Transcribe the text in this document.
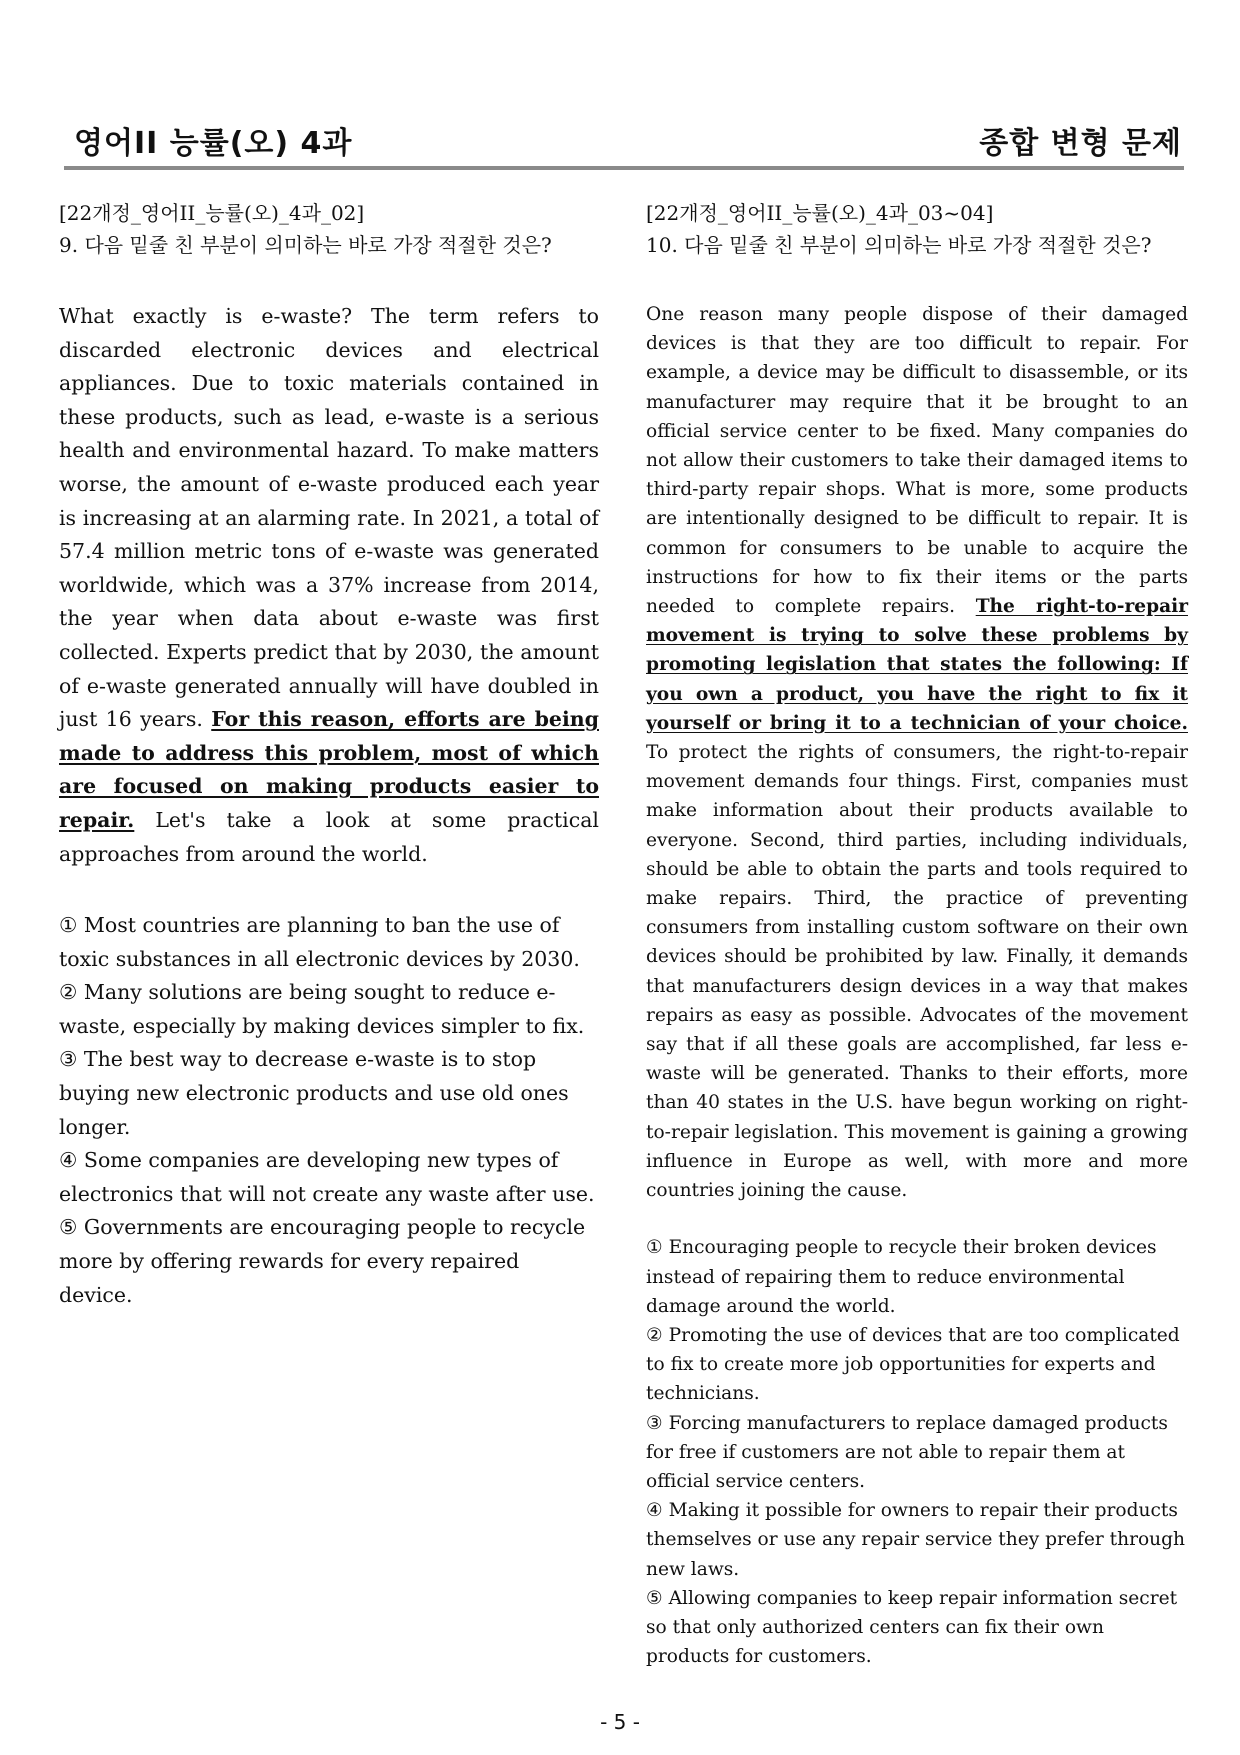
영어II 능률(오) 4과	종합 변형 문제
[22개정_영어II_능률(오)_4과_02]
9. 다음 밑줄 친 부분이 의미하는 바로 가장 적절한 것은?
What exactly is e-waste? The term refers to discarded electronic devices and electrical appliances. Due to toxic materials contained in these products, such as lead, e-waste is a serious health and environmental hazard. To make matters worse, the amount of e-waste produced each year is increasing at an alarming rate. In 2021, a total of 57.4 million metric tons of e-waste was generated worldwide, which was a 37% increase from 2014, the year when data about e-waste was first collected. Experts predict that by 2030, the amount of e-waste generated annually will have doubled in just 16 years. For this reason, efforts are being made to address this problem, most of which are focused on making products easier to repair. Let's take a look at some practical approaches from around the world.

① Most countries are planning to ban the use of toxic substances in all electronic devices by 2030.

② Many solutions are being sought to reduce e-waste, especially by making devices simpler to fix.

③ The best way to decrease e-waste is to stop buying new electronic products and use old ones longer.

④ Some companies are developing new types of electronics that will not create any waste after use.

⑤ Governments are encouraging people to recycle more by offering rewards for every repaired device.

[22개정_영어II_능률(오)_4과_03~04]
10. 다음 밑줄 친 부분이 의미하는 바로 가장 적절한 것은?
One reason many people dispose of their damaged devices is that they are too difficult to repair. For example, a device may be difficult to disassemble, or its manufacturer may require that it be brought to an official service center to be fixed. Many companies do not allow their customers to take their damaged items to third-party repair shops. What is more, some products are intentionally designed to be difficult to repair. It is common for consumers to be unable to acquire the instructions for how to fix their items or the parts needed to complete repairs. The right-to-repair movement is trying to solve these problems by promoting legislation that states the following: If you own a product, you have the right to fix it yourself or bring it to a technician of your choice. To protect the rights of consumers, the right-to-repair movement demands four things. First, companies must make information about their products available to everyone. Second, third parties, including individuals, should be able to obtain the parts and tools required to make repairs. Third, the practice of preventing consumers from installing custom software on their own devices should be prohibited by law. Finally, it demands that manufacturers design devices in a way that makes repairs as easy as possible. Advocates of the movement say that if all these goals are accomplished, far less e-waste will be generated. Thanks to their efforts, more than 40 states in the U.S. have begun working on right-to-repair legislation. This movement is gaining a growing influence in Europe as well, with more and more countries joining the cause.

① Encouraging people to recycle their broken devices instead of repairing them to reduce environmental damage around the world.

② Promoting the use of devices that are too complicated to fix to create more job opportunities for experts and technicians.

③ Forcing manufacturers to replace damaged products for free if customers are not able to repair them at official service centers.

④ Making it possible for owners to repair their products themselves or use any repair service they prefer through new laws.

⑤ Allowing companies to keep repair information secret so that only authorized centers can fix their own products for customers.

- 5 -
